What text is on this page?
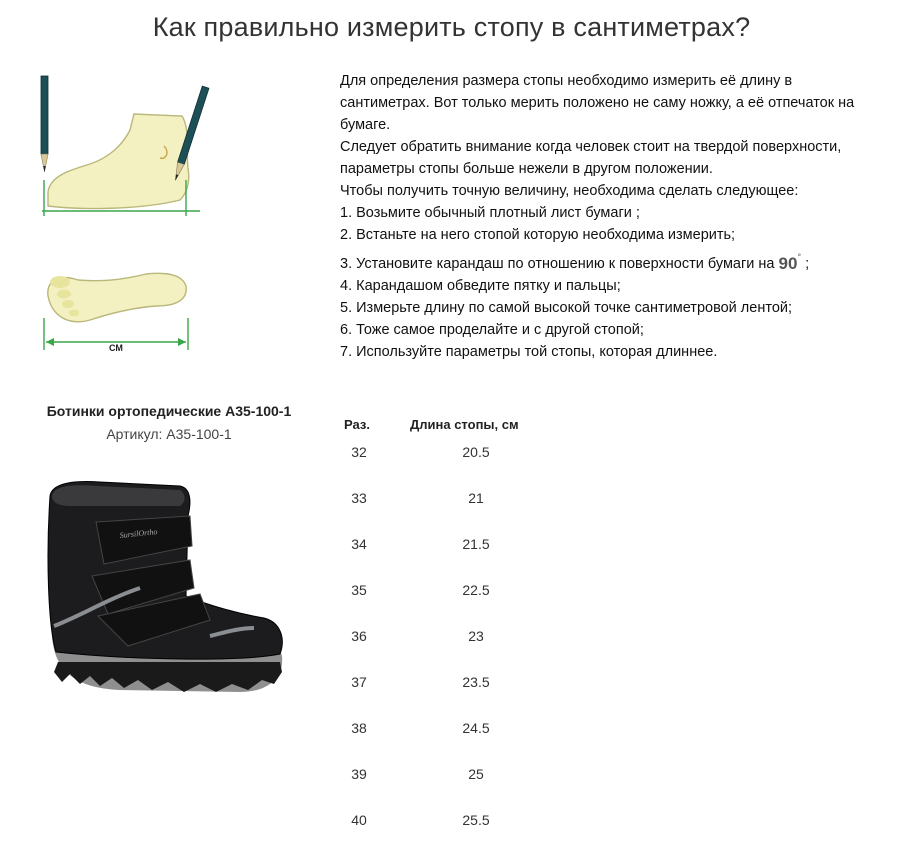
Как правильно измерить стопу в сантиметрах?
СМ

Для определения размера стопы необходимо измерить её длину в сантиметрах. Вот только мерить положено не саму ножку, а её отпечаток на бумаге.

Следует обратить внимание когда человек стоит на твердой поверхности, параметры стопы больше нежели в другом положении.

Чтобы получить точную величину, необходима сделать следующее:

1. Возьмите обычный плотный лист бумаги ;

2. Встаньте на него стопой которую необходима измерить;

3. Установите карандаш по отношению к поверхности бумаги на 90° ;

4. Карандашом обведите пятку и пальцы;

5. Измерьте длину по самой высокой точке сантиметровой лентой;

6. Тоже самое проделайте и с другой стопой;

7. Используйте параметры той стопы, которая длиннее.

Ботинки ортопедические А35-100-1
Артикул: А35-100-1
SursilOrtho
Раз.	Длина стопы, см
32	20.5
33	21
34	21.5
35	22.5
36	23
37	23.5
38	24.5
39	25
40	25.5
